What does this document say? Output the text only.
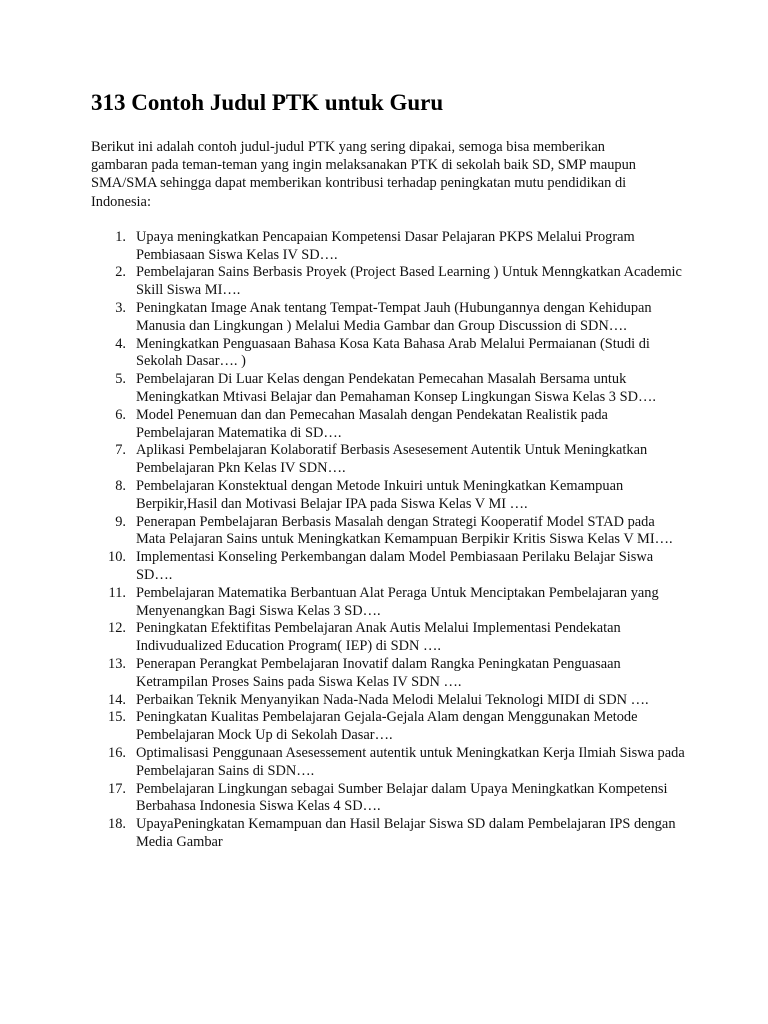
313 Contoh Judul PTK untuk Guru

Berikut ini adalah contoh judul-judul PTK yang sering dipakai, semoga bisa memberikan gambaran pada teman-teman yang ingin melaksanakan PTK di sekolah baik SD, SMP maupun SMA/SMA sehingga dapat memberikan kontribusi terhadap peningkatan mutu pendidikan di Indonesia:

1. Upaya meningkatkan Pencapaian Kompetensi Dasar Pelajaran PKPS Melalui Program Pembiasaan Siswa Kelas IV SD….
2. Pembelajaran Sains Berbasis Proyek (Project Based Learning ) Untuk Menngkatkan Academic Skill Siswa MI….
3. Peningkatan Image Anak tentang Tempat-Tempat Jauh (Hubungannya dengan Kehidupan Manusia dan Lingkungan ) Melalui Media Gambar dan Group Discussion di SDN….
4. Meningkatkan Penguasaan Bahasa Kosa Kata Bahasa Arab Melalui Permaianan (Studi di Sekolah Dasar…. )
5. Pembelajaran Di Luar Kelas dengan Pendekatan Pemecahan Masalah Bersama untuk Meningkatkan Mtivasi Belajar dan Pemahaman Konsep Lingkungan Siswa Kelas 3 SD….
6. Model Penemuan dan dan Pemecahan Masalah dengan Pendekatan Realistik pada Pembelajaran Matematika di SD….
7. Aplikasi Pembelajaran Kolaboratif Berbasis Asesesement Autentik Untuk Meningkatkan Pembelajaran Pkn Kelas IV SDN….
8. Pembelajaran Konstektual dengan Metode Inkuiri untuk Meningkatkan Kemampuan Berpikir,Hasil dan Motivasi Belajar IPA pada Siswa Kelas V MI ….
9. Penerapan Pembelajaran Berbasis Masalah dengan Strategi Kooperatif Model STAD pada Mata Pelajaran Sains untuk Meningkatkan Kemampuan Berpikir Kritis Siswa Kelas V MI….
10. Implementasi Konseling Perkembangan dalam Model Pembiasaan Perilaku Belajar Siswa SD….
11. Pembelajaran Matematika Berbantuan Alat Peraga Untuk Menciptakan Pembelajaran yang Menyenangkan Bagi Siswa Kelas 3 SD….
12. Peningkatan Efektifitas Pembelajaran Anak Autis Melalui Implementasi Pendekatan Indivudualized Education Program( IEP) di SDN ….
13. Penerapan Perangkat Pembelajaran Inovatif dalam Rangka Peningkatan Penguasaan Ketrampilan Proses Sains pada Siswa Kelas IV SDN ….
14. Perbaikan Teknik Menyanyikan Nada-Nada Melodi Melalui Teknologi MIDI di SDN ….
15. Peningkatan Kualitas Pembelajaran Gejala-Gejala Alam dengan Menggunakan Metode Pembelajaran Mock Up di Sekolah Dasar….
16. Optimalisasi Penggunaan Asesessement autentik untuk Meningkatkan Kerja Ilmiah Siswa pada Pembelajaran Sains di SDN….
17. Pembelajaran Lingkungan sebagai Sumber Belajar dalam Upaya Meningkatkan Kompetensi Berbahasa Indonesia Siswa Kelas 4 SD….
18. UpayaPeningkatan Kemampuan dan Hasil Belajar Siswa SD dalam Pembelajaran IPS dengan Media Gambar
